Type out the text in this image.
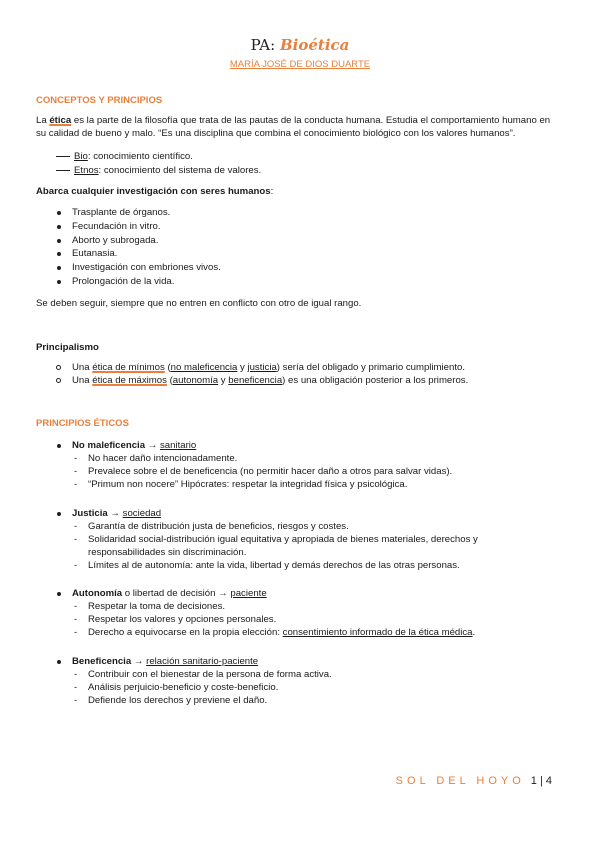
PA: Bioética
MARÍA JOSÉ DE DIOS DUARTE
CONCEPTOS Y PRINCIPIOS
La ética es la parte de la filosofía que trata de las pautas de la conducta humana. Estudia el comportamiento humano en
su calidad de bueno y malo. “Es una disciplina que combina el conocimiento biológico con los valores humanos”.
Bio: conocimiento científico.
Etnos: conocimiento del sistema de valores.
Abarca cualquier investigación con seres humanos:
Trasplante de órganos.
Fecundación in vitro.
Aborto y subrogada.
Eutanasia.
Investigación con embriones vivos.
Prolongación de la vida.
Se deben seguir, siempre que no entren en conflicto con otro de igual rango.
Principalismo
Una ética de mínimos (no maleficencia y justicia) sería del obligado y primario cumplimiento.
Una ética de máximos (autonomía y beneficencia) es una obligación posterior a los primeros.
PRINCIPIOS ÉTICOS
No maleficencia → sanitario
- No hacer daño intencionadamente.
- Prevalece sobre el de beneficencia (no permitir hacer daño a otros para salvar vidas).
- “Primum non nocere” Hipócrates: respetar la integridad física y psicológica.
Justicia → sociedad
- Garantía de distribución justa de beneficios, riesgos y costes.
- Solidaridad social-distribución igual equitativa y apropiada de bienes materiales, derechos y
responsabilidades sin discriminación.
- Límites al de autonomía: ante la vida, libertad y demás derechos de las otras personas.
Autonomía o libertad de decisión → paciente
- Respetar la toma de decisiones.
- Respetar los valores y opciones personales.
- Derecho a equivocarse en la propia elección: consentimiento informado de la ética médica.
Beneficencia → relación sanitario-paciente
- Contribuir con el bienestar de la persona de forma activa.
- Análisis perjuicio-beneficio y coste-beneficio.
- Defiende los derechos y previene el daño.
SOL DEL HOYO 1 | 4
